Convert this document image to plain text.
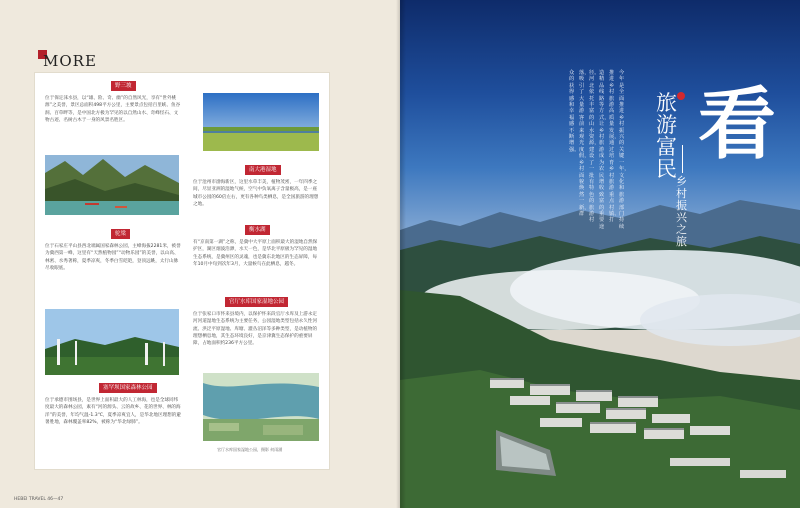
MORE
野三坡
位于保定涞水县，以“雄、险、奇、幽”的自然风光，享有“世外桃源”之美誉，景区总面积498平方公里，主要景点包括百里峡、鱼谷洞、百草畔等，是中国北方极为罕见的以自然山水、奇峰怪石、文物古迹、名树古木于一身的风景名胜区。
南大港湿地
位于沧州市渤海新区，这里水草丰美，植物茂密，一年四季之间，尽显亚洲的湿地气候，空气中负氧离子含量极高，是一座城市公园的60倍左右，更有各种鸟类栖息，是全国旅游的理想之地。
驼梁
位于石家庄平山县西北端属国家森林公园，主峰海拔2281米，被誉为冀西第一峰，这里有“天然植物园”“动物乐园”的美誉，以山高、林密、水秀著称，夏季凉爽，冬季白雪皑皑，登顶远眺，太行山脉尽收眼底。
衡水湖
有“京南第一湖”之称，是冀中大平原上面积最大的湿地自然保护区，湖区烟波浩渺，水天一色，是华北平原极为罕见的湿地生态系统，是冀州区的灵魂，也是冀东北地区的生态屏障，每年10月中旬到次年3月，大量候鸟在此栖息，越冬。
官厅水库国家湿地公园
位于张家口市怀来县境内，以保护怀来段官厅水库及上游永定河河道湿地生态系统为主要任务，公园湿地类型包括永久性河流、洪泛平原湿地、库塘、灌丛沼泽等多种类型，是动植物的理想栖息地，其生态环境良好，是京津冀生态保护的重要屏障，占地面积约236平方公里。
塞罕坝国家森林公园
位于承德市围场县，是世界上面积最大的人工林海，也是全球同纬度最大的森林公园，素有“河的源头、云的故乡、花的世界、林的海洋”的美誉，年均气温-1.3℃，夏季凉爽宜人，是华北地区理想的避暑胜地，森林覆盖率82%，被称为“华北绿肺”。
官厅水库国家湿地公园，摄影 何雨涵
HEBEI TRAVEL 46—47
今年是全面推进乡村振兴的关键一年，文化和旅游部门持续
推进乡村旅游高质量发展，通过培育乡村旅游重点村镇、打
造精品线路等方式，让乡村旅游成为农民增收致富的重要途
径。河北依托丰富的山水资源，建设了一批有特色的旅游村
落，吸引了大量游客前来观光度假，乡村面貌焕然一新，群
众的获得感和幸福感不断增强。 看
旅游富民
乡村振兴之旅
